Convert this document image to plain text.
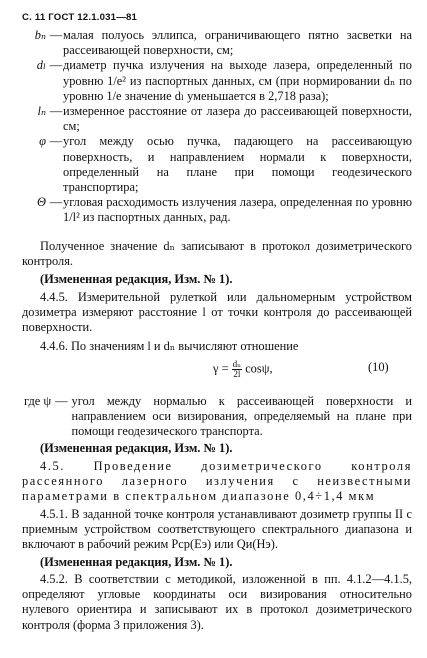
С. 11 ГОСТ 12.1.031—81
bₙ — малая полуось эллипса, ограничивающего пятно засветки на рассеивающей поверхности, см;
dₗ — диаметр пучка излучения на выходе лазера, определенный по уровню 1/e² из паспортных данных, см (при нормировании dₙ по уровню 1/e значение dₗ уменьшается в 2,718 раза);
lₙ — измеренное расстояние от лазера до рассеивающей поверхности, см;
φ — угол между осью пучка, падающего на рассеивающую поверхность, и направлением нормали к поверхности, определенный на плане при помощи геодезического транспортира;
Θ — угловая расходимость излучения лазера, определенная по уровню 1/l² из паспортных данных, рад.
Полученное значение dₙ записывают в протокол дозиметрического контроля.
(Измененная редакция, Изм. № 1).
4.4.5. Измерительной рулеткой или дальномерным устройством дозиметра измеряют расстояние l от точки контроля до рассеивающей поверхности.
4.4.6. По значениям l и dₙ вычисляют отношение
$\gamma = \frac{\text{dₙ}}{2l} \cos\psi$,	(10)
где ψ — угол между нормалью к рассеивающей поверхности и направлением оси визирования, определяемый на плане при помощи геодезического транспорта.
(Измененная редакция, Изм. № 1).
4.5. Проведение дозиметрического контроля рассеянного лазерного излучения с неизвестными параметрами в спектральном диапазоне 0,4÷1,4 мкм
4.5.1. В заданной точке контроля устанавливают дозиметр группы II с приемным устройством соответствующего спектрального диапазона и включают в рабочий режим Pср(Eэ) или Qи(Hэ).
(Измененная редакция, Изм. № 1).
4.5.2. В соответствии с методикой, изложенной в пп. 4.1.2—4.1.5, определяют угловые координаты оси визирования относительно нулевого ориентира и записывают их в протокол дозиметрического контроля (форма 3 приложения 3).
